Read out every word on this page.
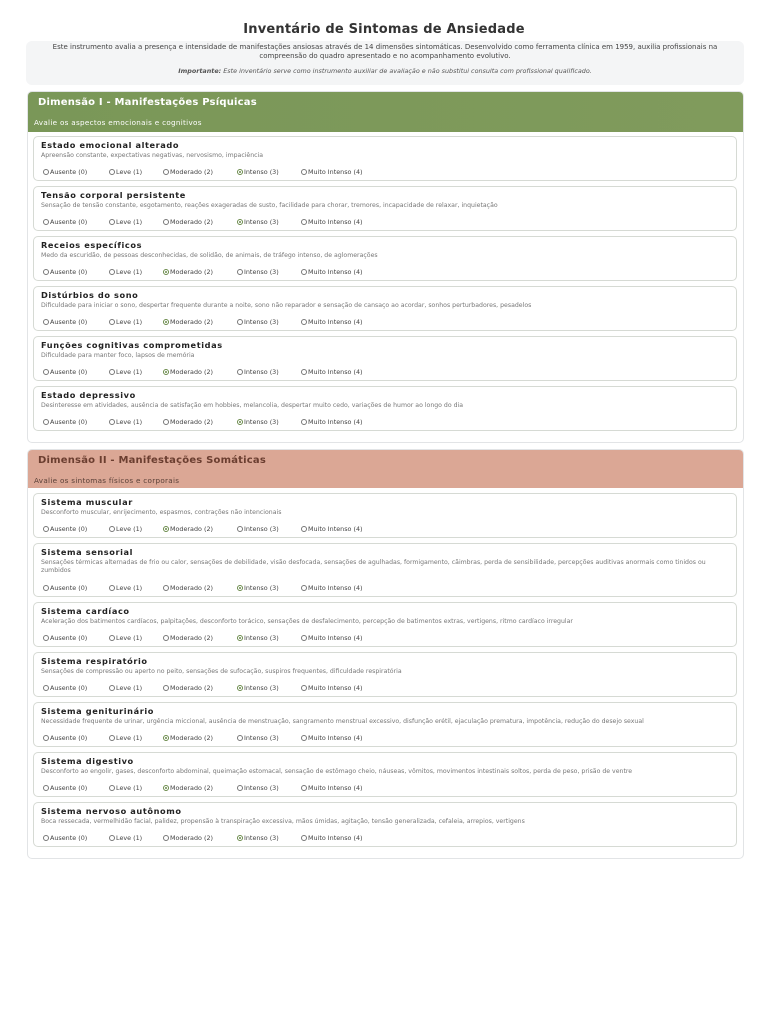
Inventário de Sintomas de Ansiedade

Este instrumento avalia a presença e intensidade de manifestações ansiosas através de 14 dimensões sintomáticas. Desenvolvido como ferramenta clínica em 1959, auxilia profissionais na compreensão do quadro apresentado e no acompanhamento evolutivo.

Importante: Este inventário serve como instrumento auxiliar de avaliação e não substitui consulta com profissional qualificado.

Dimensão I - Manifestações Psíquicas
Avalie os aspectos emocionais e cognitivos
Estado emocional alterado
Apreensão constante, expectativas negativas, nervosismo, impaciência
Ausente (0)	Leve (1)	Moderado (2)	Intenso (3)	Muito Intenso (4)
Tensão corporal persistente
Sensação de tensão constante, esgotamento, reações exageradas de susto, facilidade para chorar, tremores, incapacidade de relaxar, inquietação
Ausente (0)	Leve (1)	Moderado (2)	Intenso (3)	Muito Intenso (4)
Receios específicos
Medo da escuridão, de pessoas desconhecidas, de solidão, de animais, de tráfego intenso, de aglomerações
Ausente (0)	Leve (1)	Moderado (2)	Intenso (3)	Muito Intenso (4)
Distúrbios do sono
Dificuldade para iniciar o sono, despertar frequente durante a noite, sono não reparador e sensação de cansaço ao acordar, sonhos perturbadores, pesadelos
Ausente (0)	Leve (1)	Moderado (2)	Intenso (3)	Muito Intenso (4)
Funções cognitivas comprometidas
Dificuldade para manter foco, lapsos de memória
Ausente (0)	Leve (1)	Moderado (2)	Intenso (3)	Muito Intenso (4)
Estado depressivo
Desinteresse em atividades, ausência de satisfação em hobbies, melancolia, despertar muito cedo, variações de humor ao longo do dia
Ausente (0)	Leve (1)	Moderado (2)	Intenso (3)	Muito Intenso (4)
Dimensão II - Manifestações Somáticas
Avalie os sintomas físicos e corporais
Sistema muscular
Desconforto muscular, enrijecimento, espasmos, contrações não intencionais
Ausente (0)	Leve (1)	Moderado (2)	Intenso (3)	Muito Intenso (4)
Sistema sensorial
Sensações térmicas alternadas de frio ou calor, sensações de debilidade, visão desfocada, sensações de agulhadas, formigamento, cãimbras, perda de sensibilidade, percepções auditivas anormais como tinidos ou zumbidos
Ausente (0)	Leve (1)	Moderado (2)	Intenso (3)	Muito Intenso (4)
Sistema cardíaco
Aceleração dos batimentos cardíacos, palpitações, desconforto torácico, sensações de desfalecimento, percepção de batimentos extras, vertigens, ritmo cardíaco irregular
Ausente (0)	Leve (1)	Moderado (2)	Intenso (3)	Muito Intenso (4)
Sistema respiratório
Sensações de compressão ou aperto no peito, sensações de sufocação, suspiros frequentes, dificuldade respiratória
Ausente (0)	Leve (1)	Moderado (2)	Intenso (3)	Muito Intenso (4)
Sistema geniturinário
Necessidade frequente de urinar, urgência miccional, ausência de menstruação, sangramento menstrual excessivo, disfunção erétil, ejaculação prematura, impotência, redução do desejo sexual
Ausente (0)	Leve (1)	Moderado (2)	Intenso (3)	Muito Intenso (4)
Sistema digestivo
Desconforto ao engolir, gases, desconforto abdominal, queimação estomacal, sensação de estômago cheio, náuseas, vômitos, movimentos intestinais soltos, perda de peso, prisão de ventre
Ausente (0)	Leve (1)	Moderado (2)	Intenso (3)	Muito Intenso (4)
Sistema nervoso autônomo
Boca ressecada, vermelhidão facial, palidez, propensão à transpiração excessiva, mãos úmidas, agitação, tensão generalizada, cefaleia, arrepios, vertigens
Ausente (0)	Leve (1)	Moderado (2)	Intenso (3)	Muito Intenso (4)
